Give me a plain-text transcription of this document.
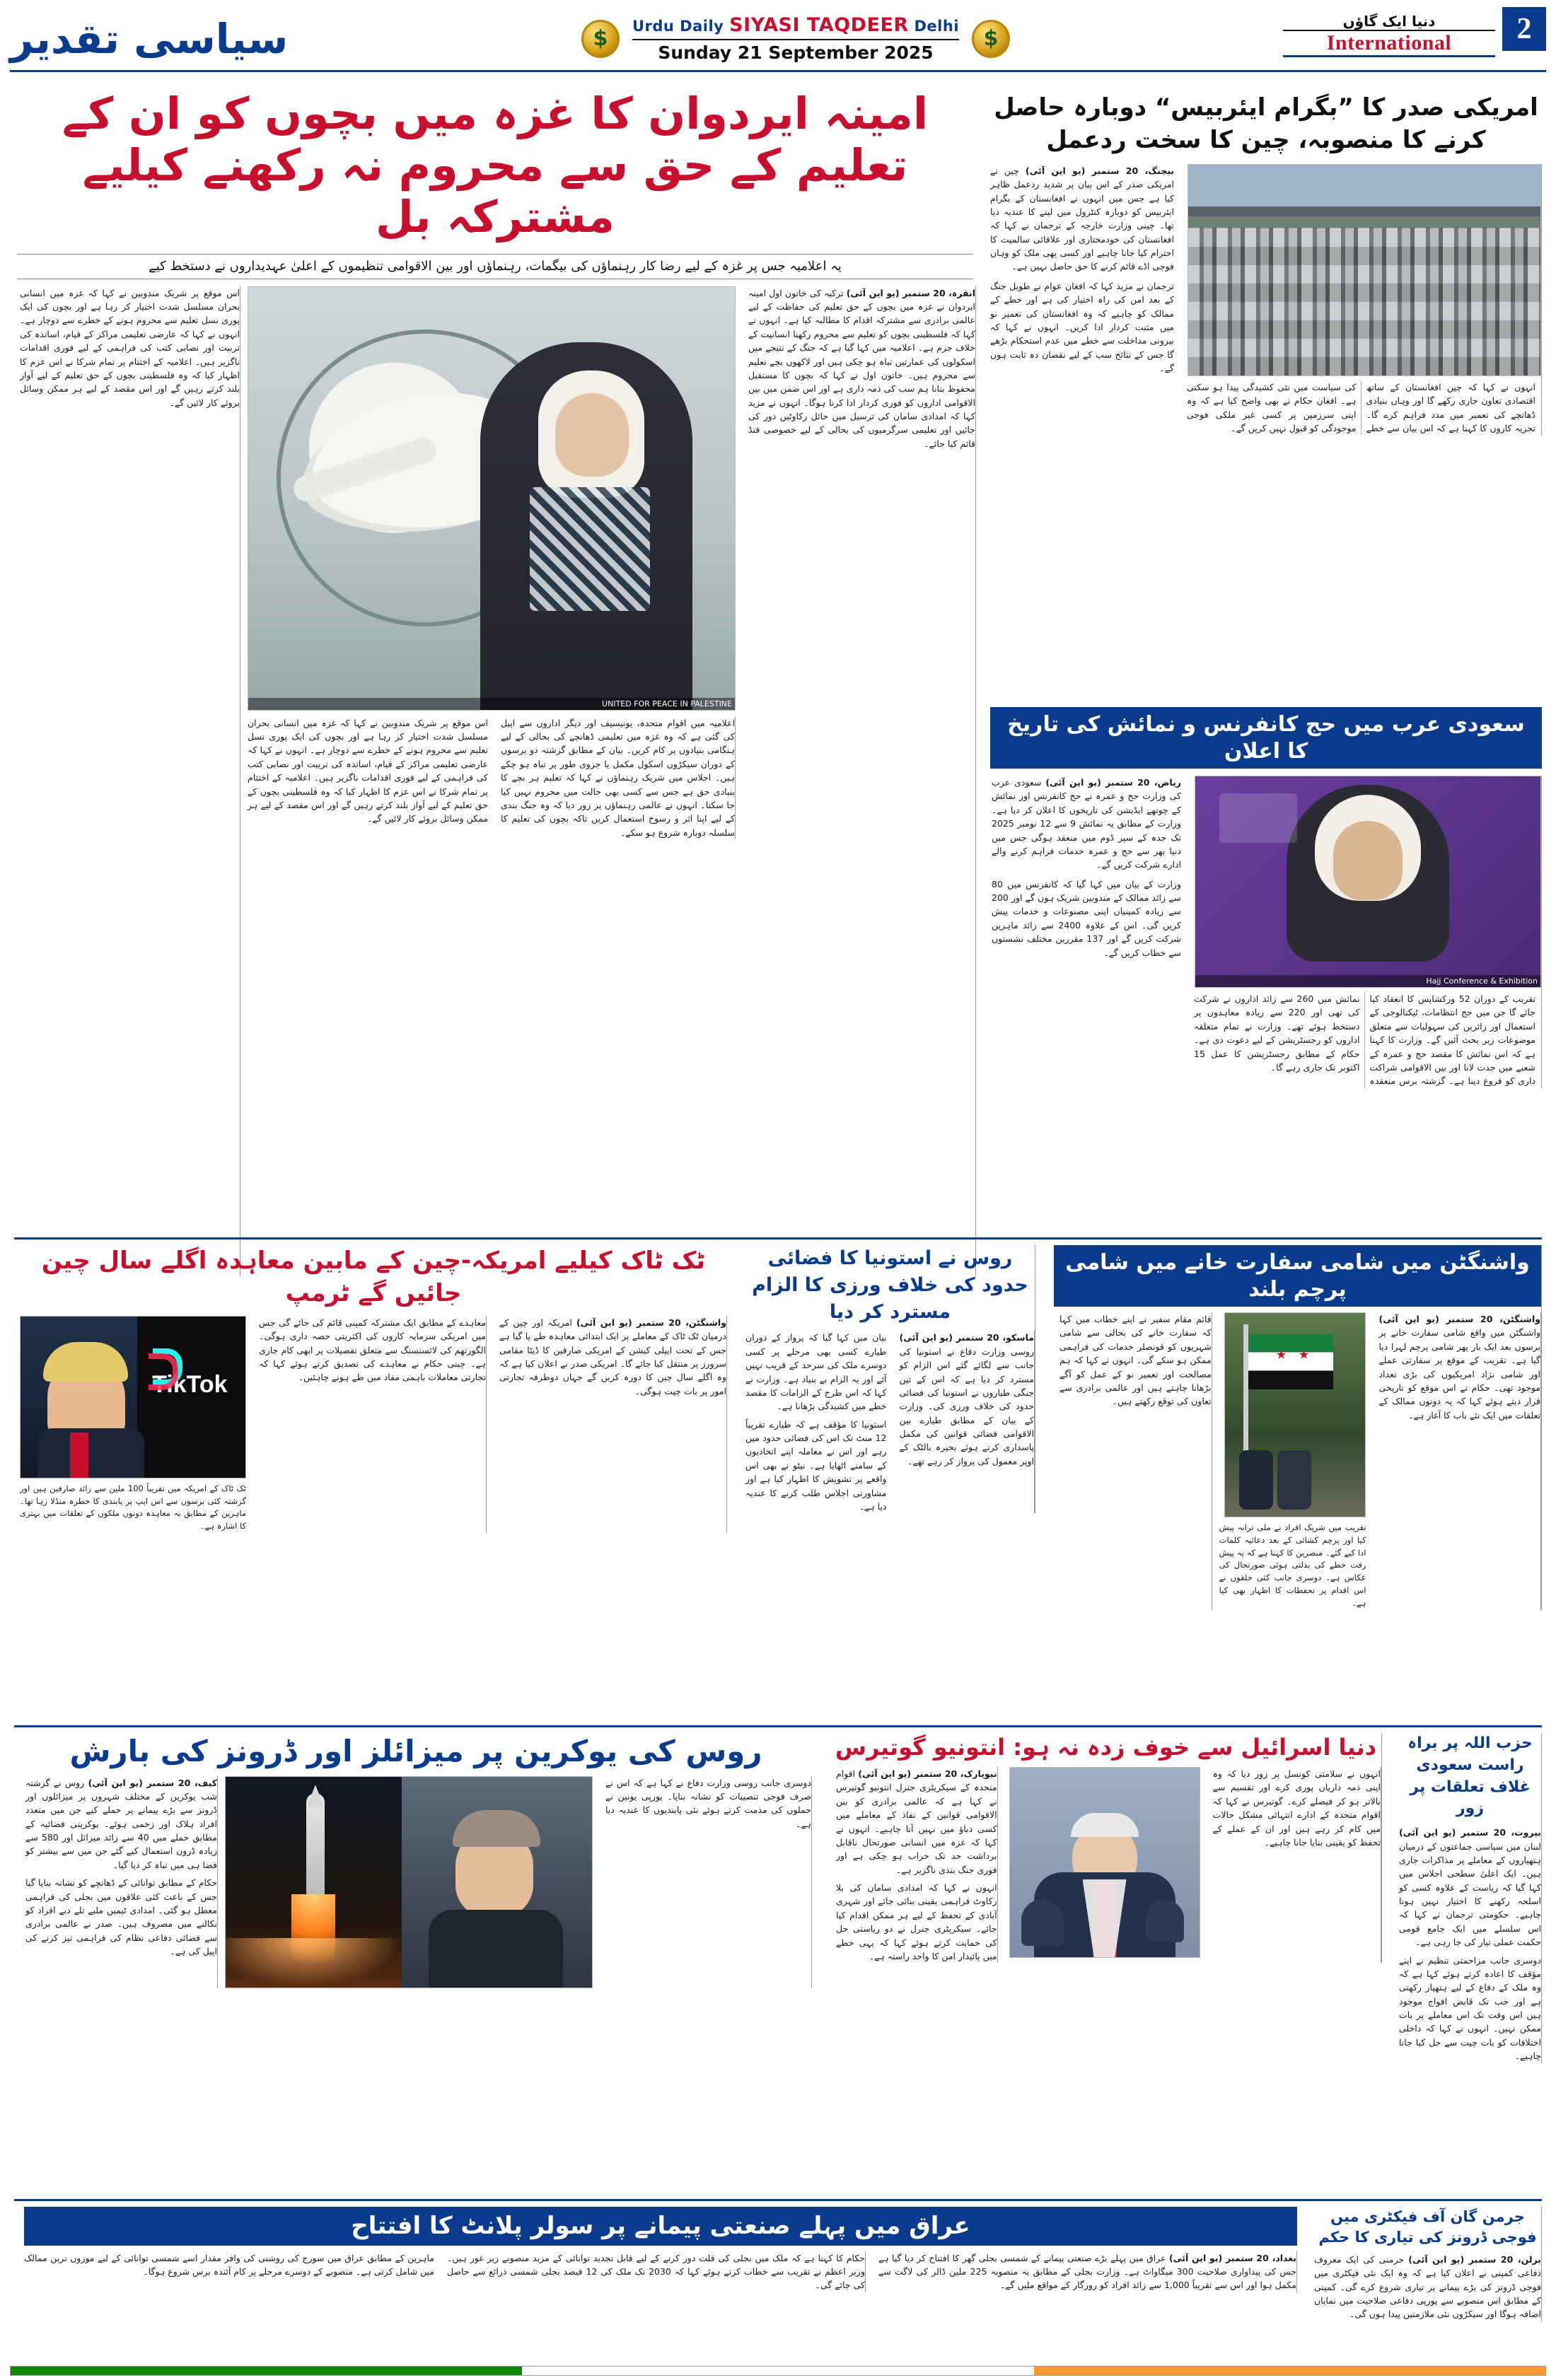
$
Urdu Daily SIYASI TAQDEER Delhi
Sunday 21 September 2025
$
سیاسی تقدیر	2
دنیا ایک گاؤں
International
امینہ ایردوان کا غزہ میں بچوں کو ان کے تعلیم کے حق سے محروم نہ رکھنے کیلیے مشترکہ بل
یہ اعلامیہ جس پر غزہ کے لیے رضا کار رہنماؤں کی بیگمات، رہنماؤں اور بین الاقوامی تنظیموں کے اعلیٰ عہدیداروں نے دستخط کیے
انقرہ، 20 ستمبر (یو این آئی) ترکیہ کی خاتون اول امینہ ایردوان نے غزہ میں بچوں کے حق تعلیم کی حفاظت کے لیے عالمی برادری سے مشترکہ اقدام کا مطالبہ کیا ہے۔ انہوں نے کہا کہ فلسطینی بچوں کو تعلیم سے محروم رکھنا انسانیت کے خلاف جرم ہے۔ اعلامیہ میں کہا گیا ہے کہ جنگ کے نتیجے میں اسکولوں کی عمارتیں تباہ ہو چکی ہیں اور لاکھوں بچے تعلیم سے محروم ہیں۔ خاتون اول نے کہا کہ بچوں کا مستقبل محفوظ بنانا ہم سب کی ذمہ داری ہے اور اس ضمن میں بین الاقوامی اداروں کو فوری کردار ادا کرنا ہوگا۔ انہوں نے مزید کہا کہ امدادی سامان کی ترسیل میں حائل رکاوٹیں دور کی جائیں اور تعلیمی سرگرمیوں کی بحالی کے لیے خصوصی فنڈ قائم کیا جائے۔
UNITED FOR PEACE IN PALESTINE
اعلامیہ میں اقوام متحدہ، یونیسیف اور دیگر اداروں سے اپیل کی گئی ہے کہ وہ غزہ میں تعلیمی ڈھانچے کی بحالی کے لیے ہنگامی بنیادوں پر کام کریں۔ بیان کے مطابق گزشتہ دو برسوں کے دوران سیکڑوں اسکول مکمل یا جزوی طور پر تباہ ہو چکے ہیں۔ اجلاس میں شریک رہنماؤں نے کہا کہ تعلیم ہر بچے کا بنیادی حق ہے جس سے کسی بھی حالت میں محروم نہیں کیا جا سکتا۔ انہوں نے عالمی رہنماؤں پر زور دیا کہ وہ جنگ بندی کے لیے اپنا اثر و رسوخ استعمال کریں تاکہ بچوں کی تعلیم کا سلسلہ دوبارہ شروع ہو سکے۔
اس موقع پر شریک مندوبین نے کہا کہ غزہ میں انسانی بحران مسلسل شدت اختیار کر رہا ہے اور بچوں کی ایک پوری نسل تعلیم سے محروم ہونے کے خطرے سے دوچار ہے۔ انہوں نے کہا کہ عارضی تعلیمی مراکز کے قیام، اساتذہ کی تربیت اور نصابی کتب کی فراہمی کے لیے فوری اقدامات ناگزیر ہیں۔ اعلامیہ کے اختتام پر تمام شرکا نے اس عزم کا اظہار کیا کہ وہ فلسطینی بچوں کے حق تعلیم کے لیے آواز بلند کرتے رہیں گے اور اس مقصد کے لیے ہر ممکن وسائل بروئے کار لائیں گے۔
اس موقع پر شریک مندوبین نے کہا کہ غزہ میں انسانی بحران مسلسل شدت اختیار کر رہا ہے اور بچوں کی ایک پوری نسل تعلیم سے محروم ہونے کے خطرے سے دوچار ہے۔ انہوں نے کہا کہ عارضی تعلیمی مراکز کے قیام، اساتذہ کی تربیت اور نصابی کتب کی فراہمی کے لیے فوری اقدامات ناگزیر ہیں۔ اعلامیہ کے اختتام پر تمام شرکا نے اس عزم کا اظہار کیا کہ وہ فلسطینی بچوں کے حق تعلیم کے لیے آواز بلند کرتے رہیں گے اور اس مقصد کے لیے ہر ممکن وسائل بروئے کار لائیں گے۔
امریکی صدر کا ”بگرام ایئربیس“ دوبارہ حاصل کرنے کا منصوبہ، چین کا سخت ردعمل
انہوں نے کہا کہ چین افغانستان کے ساتھ اقتصادی تعاون جاری رکھے گا اور وہاں بنیادی ڈھانچے کی تعمیر میں مدد فراہم کرے گا۔ تجزیہ کاروں کا کہنا ہے کہ اس بیان سے خطے کی سیاست میں نئی کشیدگی پیدا ہو سکتی ہے۔ افغان حکام نے بھی واضح کیا ہے کہ وہ اپنی سرزمین پر کسی غیر ملکی فوجی موجودگی کو قبول نہیں کریں گے۔
بیجنگ، 20 ستمبر (یو این آئی) چین نے امریکی صدر کے اس بیان پر شدید ردعمل ظاہر کیا ہے جس میں انہوں نے افغانستان کے بگرام ایئربیس کو دوبارہ کنٹرول میں لینے کا عندیہ دیا تھا۔ چینی وزارت خارجہ کے ترجمان نے کہا کہ افغانستان کی خودمختاری اور علاقائی سالمیت کا احترام کیا جانا چاہیے اور کسی بھی ملک کو وہاں فوجی اڈے قائم کرنے کا حق حاصل نہیں ہے۔
ترجمان نے مزید کہا کہ افغان عوام نے طویل جنگ کے بعد امن کی راہ اختیار کی ہے اور خطے کے ممالک کو چاہیے کہ وہ افغانستان کی تعمیر نو میں مثبت کردار ادا کریں۔ انہوں نے کہا کہ بیرونی مداخلت سے خطے میں عدم استحکام بڑھے گا جس کے نتائج سب کے لیے نقصان دہ ثابت ہوں گے۔
سعودی عرب میں حج کانفرنس و نمائش کی تاریخ کا اعلان
Hajj Conference & Exhibition
تقریب کے دوران 52 ورکشاپس کا انعقاد کیا جائے گا جن میں حج انتظامات، ٹیکنالوجی کے استعمال اور زائرین کی سہولیات سے متعلق موضوعات زیر بحث آئیں گے۔ وزارت کا کہنا ہے کہ اس نمائش کا مقصد حج و عمرہ کے شعبے میں جدت لانا اور بین الاقوامی شراکت داری کو فروغ دینا ہے۔ گزشتہ برس منعقدہ نمائش میں 260 سے زائد اداروں نے شرکت کی تھی اور 220 سے زیادہ معاہدوں پر دستخط ہوئے تھے۔ وزارت نے تمام متعلقہ اداروں کو رجسٹریشن کے لیے دعوت دی ہے۔ حکام کے مطابق رجسٹریشن کا عمل 15 اکتوبر تک جاری رہے گا۔
ریاض، 20 ستمبر (یو این آئی) سعودی عرب کی وزارت حج و عمرہ نے حج کانفرنس اور نمائش کے چوتھے ایڈیشن کی تاریخوں کا اعلان کر دیا ہے۔ وزارت کے مطابق یہ نمائش 9 سے 12 نومبر 2025 تک جدہ کے سپر ڈوم میں منعقد ہوگی جس میں دنیا بھر سے حج و عمرہ خدمات فراہم کرنے والے ادارے شرکت کریں گے۔
وزارت کے بیان میں کہا گیا کہ کانفرنس میں 80 سے زائد ممالک کے مندوبین شریک ہوں گے اور 200 سے زیادہ کمپنیاں اپنی مصنوعات و خدمات پیش کریں گی۔ اس کے علاوہ 2400 سے زائد ماہرین شرکت کریں گے اور 137 مقررین مختلف نشستوں سے خطاب کریں گے۔
واشنگٹن میں شامی سفارت خانے میں شامی پرچم بلند
واشنگٹن، 20 ستمبر (یو این آئی) واشنگٹن میں واقع شامی سفارت خانے پر برسوں بعد ایک بار پھر شامی پرچم لہرا دیا گیا ہے۔ تقریب کے موقع پر سفارتی عملے اور شامی نژاد امریکیوں کی بڑی تعداد موجود تھی۔ حکام نے اس موقع کو تاریخی قرار دیتے ہوئے کہا کہ یہ دونوں ممالک کے تعلقات میں ایک نئے باب کا آغاز ہے۔
تقریب میں شریک افراد نے ملی ترانہ پیش کیا اور پرچم کشائی کے بعد دعائیہ کلمات ادا کیے گئے۔ مبصرین کا کہنا ہے کہ یہ پیش رفت خطے کی بدلتی ہوئی صورتحال کی عکاس ہے۔ دوسری جانب کئی حلقوں نے اس اقدام پر تحفظات کا اظہار بھی کیا ہے۔
قائم مقام سفیر نے اپنے خطاب میں کہا کہ سفارت خانے کی بحالی سے شامی شہریوں کو قونصلر خدمات کی فراہمی ممکن ہو سکے گی۔ انہوں نے کہا کہ ہم مصالحت اور تعمیر نو کے عمل کو آگے بڑھانا چاہتے ہیں اور عالمی برادری سے تعاون کی توقع رکھتے ہیں۔
روس نے استونیا کا فضائی حدود کی خلاف ورزی کا الزام مسترد کر دیا
ماسکو، 20 ستمبر (یو این آئی) روسی وزارت دفاع نے استونیا کی جانب سے لگائے گئے اس الزام کو مسترد کر دیا ہے کہ اس کے تین جنگی طیاروں نے استونیا کی فضائی حدود کی خلاف ورزی کی۔ وزارت کے بیان کے مطابق طیارے بین الاقوامی فضائی قوانین کی مکمل پاسداری کرتے ہوئے بحیرہ بالٹک کے اوپر معمول کی پرواز کر رہے تھے۔
بیان میں کہا گیا کہ پرواز کے دوران طیارے کسی بھی مرحلے پر کسی دوسرے ملک کی سرحد کے قریب نہیں آئے اور یہ الزام بے بنیاد ہے۔ وزارت نے کہا کہ اس طرح کے الزامات کا مقصد خطے میں کشیدگی بڑھانا ہے۔
استونیا کا مؤقف ہے کہ طیارے تقریباً 12 منٹ تک اس کی فضائی حدود میں رہے اور اس نے معاملہ اپنے اتحادیوں کے سامنے اٹھایا ہے۔ نیٹو نے بھی اس واقعے پر تشویش کا اظہار کیا ہے اور مشاورتی اجلاس طلب کرنے کا عندیہ دیا ہے۔
ٹک ٹاک کیلیے امریکہ-چین کے مابین معاہدہ اگلے سال چین جائیں گے ٹرمپ
واشنگٹن، 20 ستمبر (یو این آئی) امریکہ اور چین کے درمیان ٹک ٹاک کے معاملے پر ایک ابتدائی معاہدہ طے پا گیا ہے جس کے تحت ایپلی کیشن کے امریکی صارفین کا ڈیٹا مقامی سرورز پر منتقل کیا جائے گا۔ امریکی صدر نے اعلان کیا ہے کہ وہ اگلے سال چین کا دورہ کریں گے جہاں دوطرفہ تجارتی امور پر بات چیت ہوگی۔
معاہدے کے مطابق ایک مشترکہ کمپنی قائم کی جائے گی جس میں امریکی سرمایہ کاروں کی اکثریتی حصہ داری ہوگی۔ الگورتھم کی لائسنسنگ سے متعلق تفصیلات پر ابھی کام جاری ہے۔ چینی حکام نے معاہدے کی تصدیق کرتے ہوئے کہا کہ تجارتی معاملات باہمی مفاد میں طے ہونے چاہئیں۔
TikTok
ٹک ٹاک کے امریکہ میں تقریباً 100 ملین سے زائد صارفین ہیں اور گزشتہ کئی برسوں سے اس ایپ پر پابندی کا خطرہ منڈلا رہا تھا۔ ماہرین کے مطابق یہ معاہدہ دونوں ملکوں کے تعلقات میں بہتری کا اشارہ ہے۔
حزب اللہ پر براہ راست سعودی غلاف تعلقات پر زور
بیروت، 20 ستمبر (یو این آئی) لبنان میں سیاسی جماعتوں کے درمیان ہتھیاروں کے معاملے پر مذاکرات جاری ہیں۔ ایک اعلیٰ سطحی اجلاس میں کہا گیا کہ ریاست کے علاوہ کسی کو اسلحہ رکھنے کا اختیار نہیں ہونا چاہیے۔ حکومتی ترجمان نے کہا کہ اس سلسلے میں ایک جامع قومی حکمت عملی تیار کی جا رہی ہے۔
دوسری جانب مزاحمتی تنظیم نے اپنے مؤقف کا اعادہ کرتے ہوئے کہا ہے کہ وہ ملک کے دفاع کے لیے ہتھیار رکھتی ہے اور جب تک قابض افواج موجود ہیں اس وقت تک اس معاملے پر بات ممکن نہیں۔ انہوں نے کہا کہ داخلی اختلافات کو بات چیت سے حل کیا جانا چاہیے۔
دنیا اسرائیل سے خوف زدہ نہ ہو: انتونیو گوتیرس
انہوں نے سلامتی کونسل پر زور دیا کہ وہ اپنی ذمہ داریاں پوری کرے اور تقسیم سے بالاتر ہو کر فیصلے کرے۔ گوتیرس نے کہا کہ اقوام متحدہ کے ادارے انتہائی مشکل حالات میں کام کر رہے ہیں اور ان کے عملے کے تحفظ کو یقینی بنایا جانا چاہیے۔
نیویارک، 20 ستمبر (یو این آئی) اقوام متحدہ کے سیکریٹری جنرل انتونیو گوتیرس نے کہا ہے کہ عالمی برادری کو بین الاقوامی قوانین کے نفاذ کے معاملے میں کسی دباؤ میں نہیں آنا چاہیے۔ انہوں نے کہا کہ غزہ میں انسانی صورتحال ناقابل برداشت حد تک خراب ہو چکی ہے اور فوری جنگ بندی ناگزیر ہے۔
انہوں نے کہا کہ امدادی سامان کی بلا رکاوٹ فراہمی یقینی بنائی جائے اور شہری آبادی کے تحفظ کے لیے ہر ممکن اقدام کیا جائے۔ سیکریٹری جنرل نے دو ریاستی حل کی حمایت کرتے ہوئے کہا کہ یہی خطے میں پائیدار امن کا واحد راستہ ہے۔
روس کی یوکرین پر میزائلز اور ڈرونز کی بارش
دوسری جانب روسی وزارت دفاع نے کہا ہے کہ اس نے صرف فوجی تنصیبات کو نشانہ بنایا۔ یورپی یونین نے حملوں کی مذمت کرتے ہوئے نئی پابندیوں کا عندیہ دیا ہے۔
کیف، 20 ستمبر (یو این آئی) روس نے گزشتہ شب یوکرین کے مختلف شہروں پر میزائلوں اور ڈرونز سے بڑے پیمانے پر حملے کیے جن میں متعدد افراد ہلاک اور زخمی ہوئے۔ یوکرینی فضائیہ کے مطابق حملے میں 40 سے زائد میزائل اور 580 سے زیادہ ڈرون استعمال کیے گئے جن میں سے بیشتر کو فضا ہی میں تباہ کر دیا گیا۔
حکام کے مطابق توانائی کے ڈھانچے کو نشانہ بنایا گیا جس کے باعث کئی علاقوں میں بجلی کی فراہمی معطل ہو گئی۔ امدادی ٹیمیں ملبے تلے دبے افراد کو نکالنے میں مصروف ہیں۔ صدر نے عالمی برادری سے فضائی دفاعی نظام کی فراہمی تیز کرنے کی اپیل کی ہے۔
جرمن گان آف فیکٹری میں فوجی ڈرونز کی تیاری کا حکم
برلن، 20 ستمبر (یو این آئی) جرمنی کی ایک معروف دفاعی کمپنی نے اعلان کیا ہے کہ وہ ایک نئی فیکٹری میں فوجی ڈرونز کی بڑے پیمانے پر تیاری شروع کرے گی۔ کمپنی کے مطابق اس منصوبے سے یورپی دفاعی صلاحیت میں نمایاں اضافہ ہوگا اور سیکڑوں نئی ملازمتیں پیدا ہوں گی۔
عراق میں پہلے صنعتی پیمانے پر سولر پلانٹ کا افتتاح
بغداد، 20 ستمبر (یو این آئی) عراق میں پہلے بڑے صنعتی پیمانے کے شمسی بجلی گھر کا افتتاح کر دیا گیا ہے جس کی پیداواری صلاحیت 300 میگاواٹ ہے۔ وزارت بجلی کے مطابق یہ منصوبہ 225 ملین ڈالر کی لاگت سے مکمل ہوا اور اس سے تقریباً 1,000 سے زائد افراد کو روزگار کے مواقع ملیں گے۔
حکام کا کہنا ہے کہ ملک میں بجلی کی قلت دور کرنے کے لیے قابل تجدید توانائی کے مزید منصوبے زیر غور ہیں۔ وزیر اعظم نے تقریب سے خطاب کرتے ہوئے کہا کہ 2030 تک ملک کی 12 فیصد بجلی شمسی ذرائع سے حاصل کی جائے گی۔
ماہرین کے مطابق عراق میں سورج کی روشنی کی وافر مقدار اسے شمسی توانائی کے لیے موزوں ترین ممالک میں شامل کرتی ہے۔ منصوبے کے دوسرے مرحلے پر کام آئندہ برس شروع ہوگا۔
